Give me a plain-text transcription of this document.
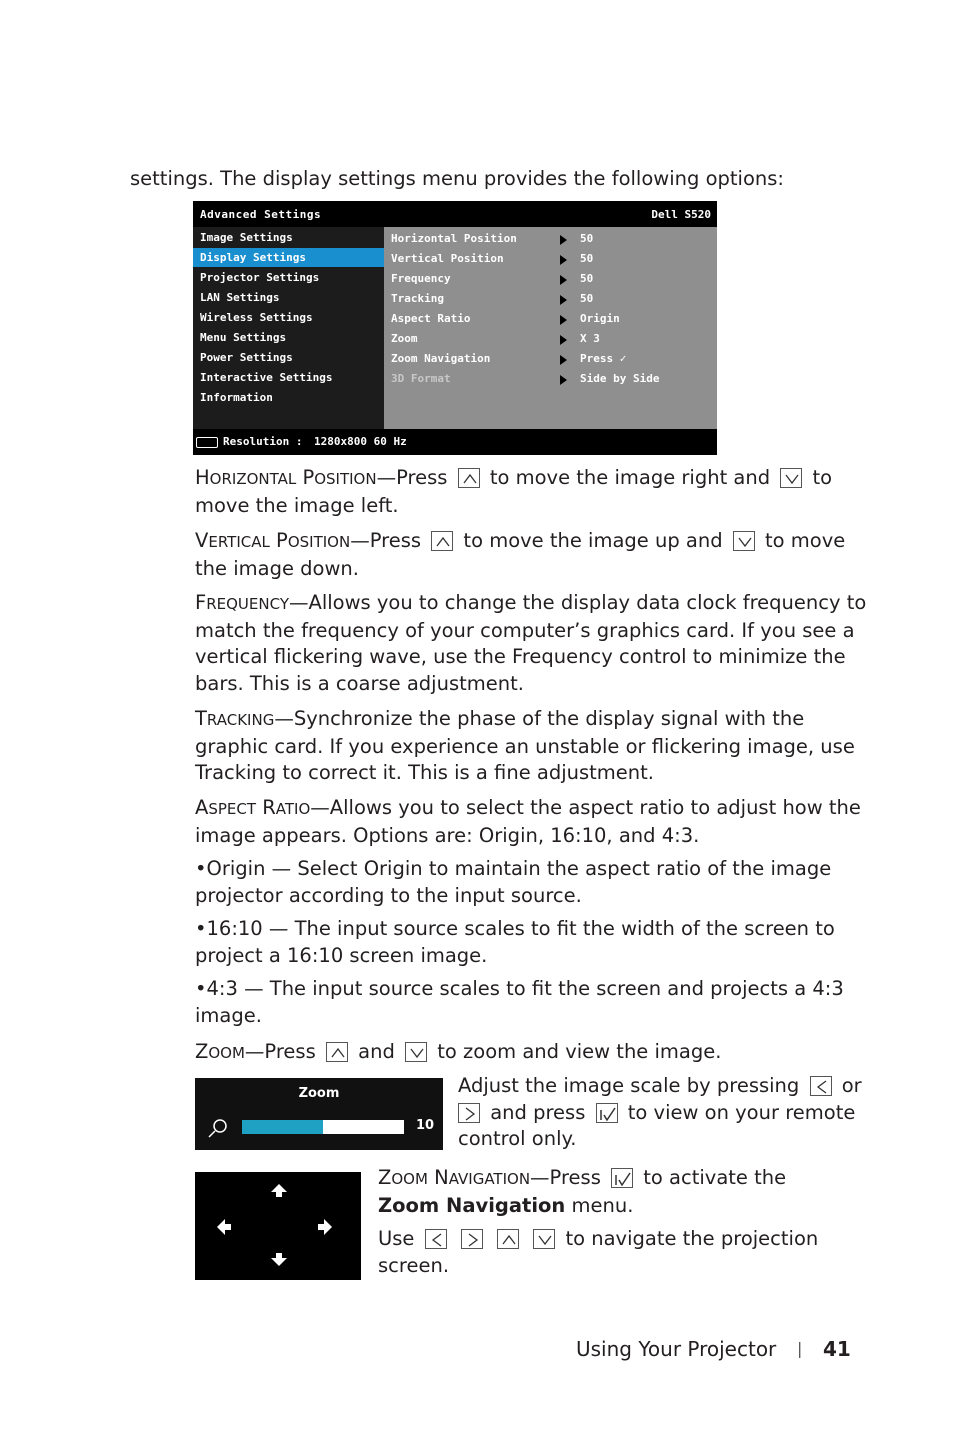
settings. The display settings menu provides the following options:
Advanced Settings	Dell S520
Image Settings
Display Settings
Projector Settings
LAN Settings
Wireless Settings
Menu Settings
Power Settings
Interactive Settings
Information
Horizontal Position	50
Vertical Position	50
Frequency	50
Tracking	50
Aspect Ratio	Origin
Zoom	X 3
Zoom Navigation	Press ✓
3D Format	Side by Side
Resolution : 1280x800 60 Hz
HORIZONTAL POSITION—Press to move the image right and to
move the image left.
VERTICAL POSITION—Press to move the image up and to move
the image down.
FREQUENCY—Allows you to change the display data clock frequency to match the frequency of your computer’s graphics card. If you see a vertical flickering wave, use the Frequency control to minimize the bars. This is a coarse adjustment.
TRACKING—Synchronize the phase of the display signal with the graphic card. If you experience an unstable or flickering image, use Tracking to correct it. This is a fine adjustment.
ASPECT RATIO—Allows you to select the aspect ratio to adjust how the image appears. Options are: Origin, 16:10, and 4:3.
•Origin — Select Origin to maintain the aspect ratio of the image projector according to the input source.
•16:10 — The input source scales to fit the width of the screen to project a 16:10 screen image.
•4:3 — The input source scales to fit the screen and projects a 4:3 image.
ZOOM—Press and to zoom and view the image.
Zoom
10
Adjust the image scale by pressing or

and press to view on your remote
control only.
ZOOM NAVIGATION—Press to activate the
Zoom Navigation menu.
Use

	to navigate the projection
screen.
Using Your Projector | 41
